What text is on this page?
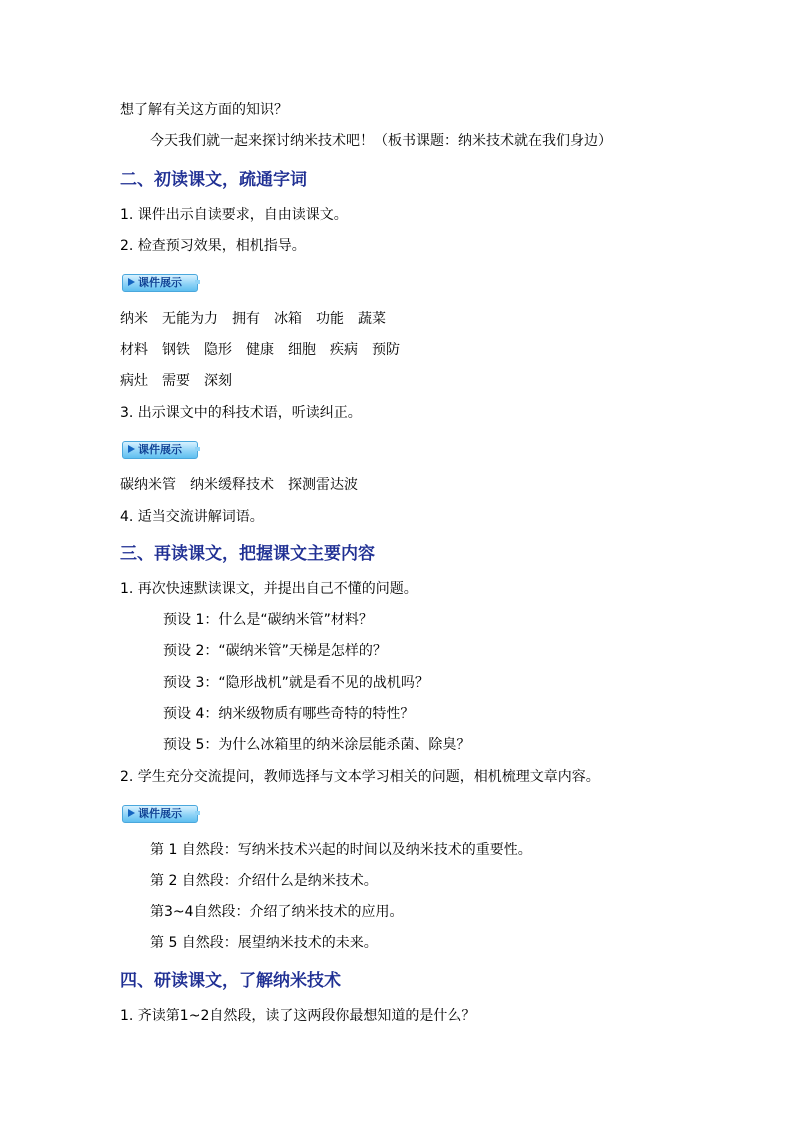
想了解有关这方面的知识？
今天我们就一起来探讨纳米技术吧！（板书课题：纳米技术就在我们身边）
二、初读课文，疏通字词
1. 课件出示自读要求，自由读课文。
2. 检查预习效果，相机指导。
课件展示
纳米 无能为力 拥有 冰箱 功能 蔬菜
材料 钢铁 隐形 健康 细胞 疾病 预防
病灶 需要 深刻
3. 出示课文中的科技术语，听读纠正。
课件展示
碳纳米管 纳米缓释技术 探测雷达波
4. 适当交流讲解词语。
三、再读课文，把握课文主要内容
1. 再次快速默读课文，并提出自己不懂的问题。
预设 1：什么是“碳纳米管”材料？
预设 2：“碳纳米管”天梯是怎样的？
预设 3：“隐形战机”就是看不见的战机吗？
预设 4：纳米级物质有哪些奇特的特性？
预设 5：为什么冰箱里的纳米涂层能杀菌、除臭？
2. 学生充分交流提问，教师选择与文本学习相关的问题，相机梳理文章内容。
课件展示
第 1 自然段：写纳米技术兴起的时间以及纳米技术的重要性。
第 2 自然段：介绍什么是纳米技术。
第3~4自然段：介绍了纳米技术的应用。
第 5 自然段：展望纳米技术的未来。
四、研读课文，了解纳米技术
1. 齐读第1~2自然段，读了这两段你最想知道的是什么？
